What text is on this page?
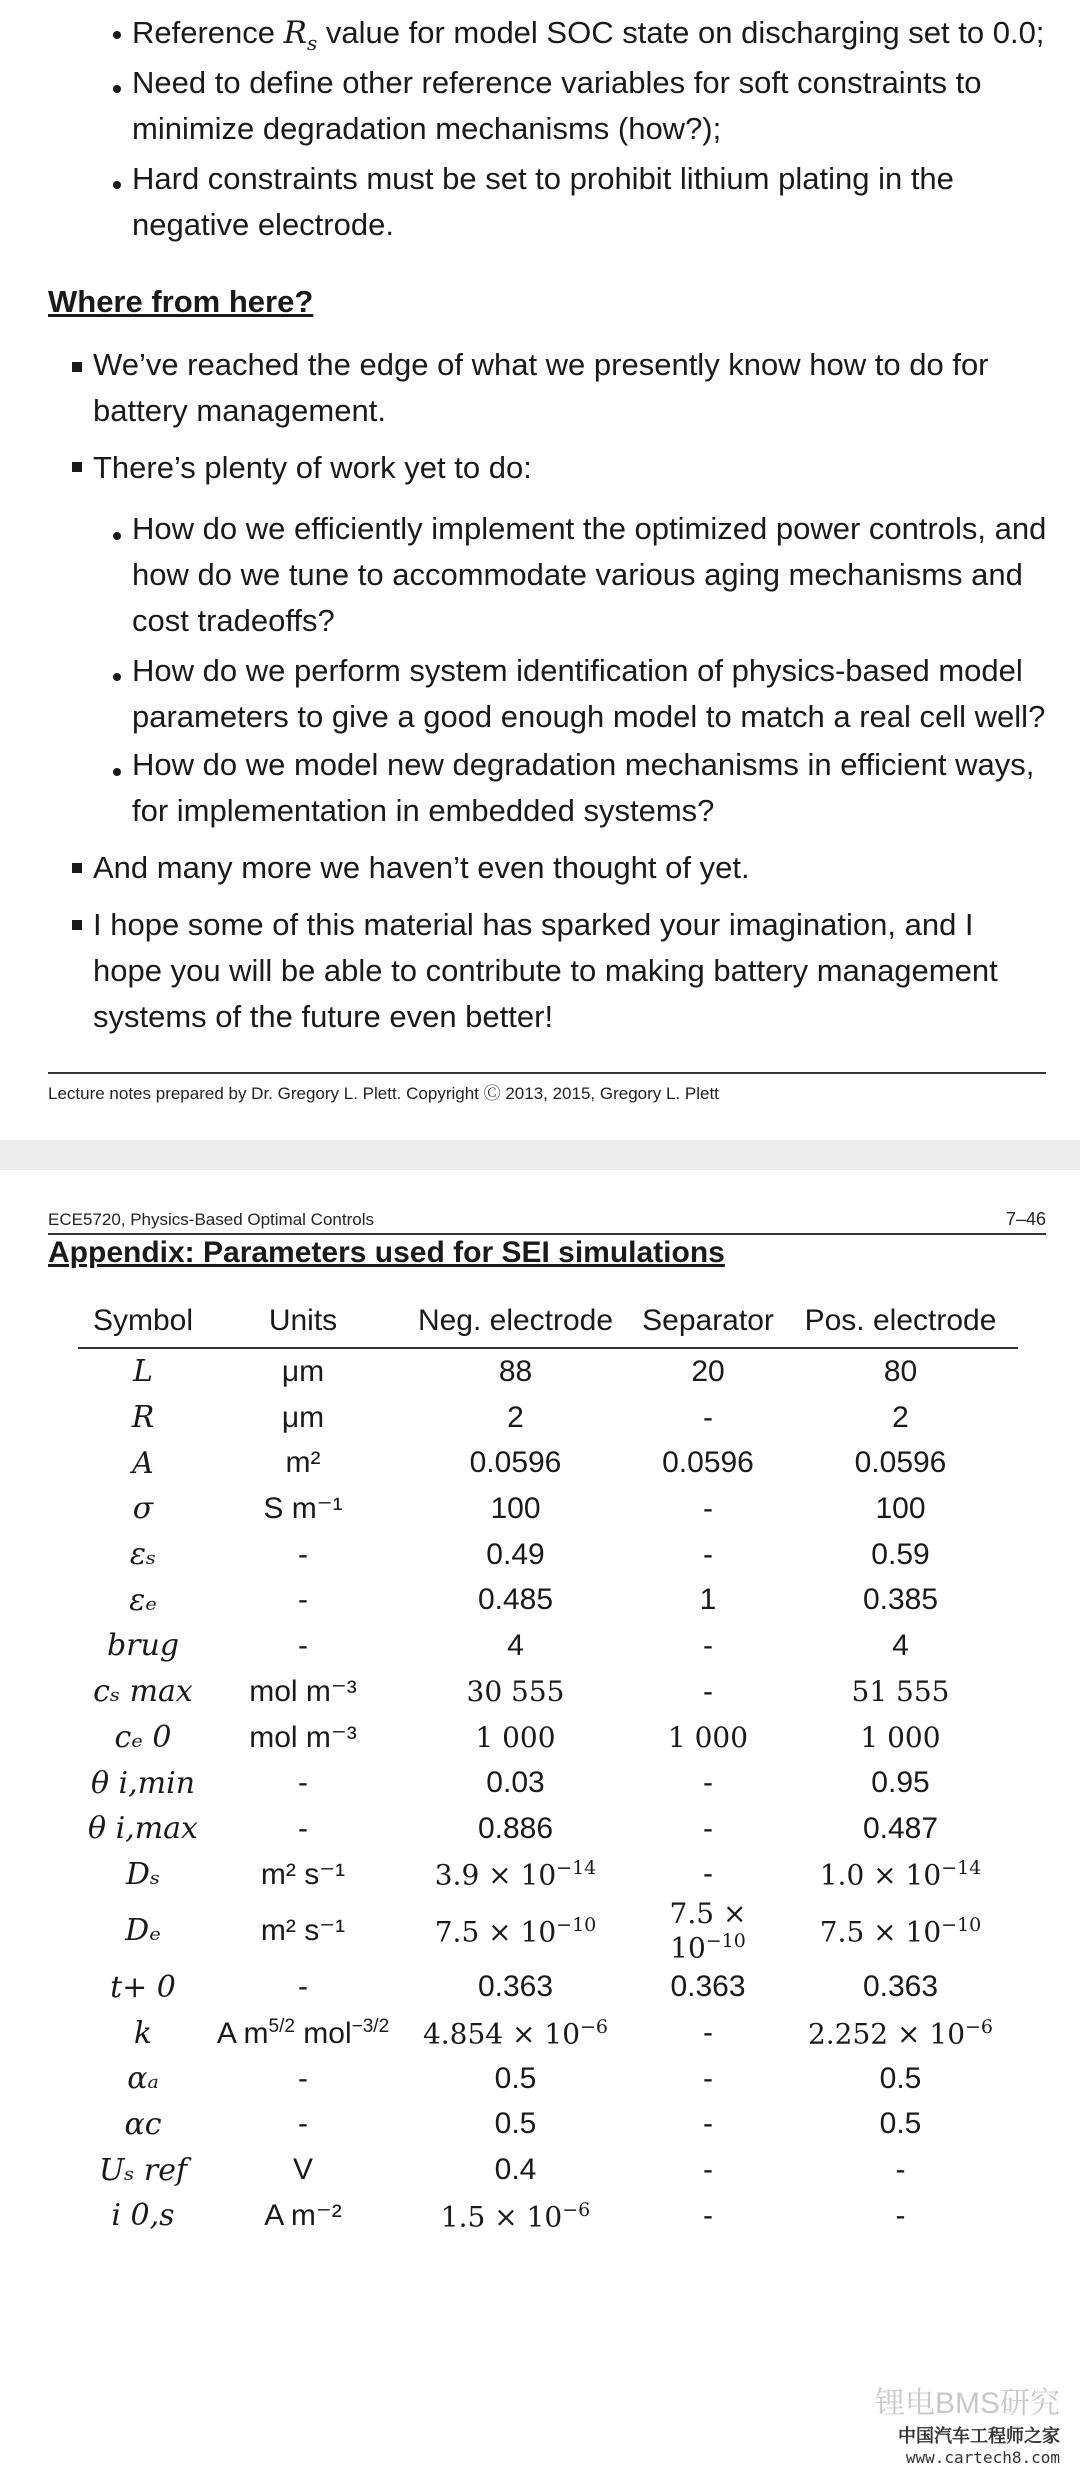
Reference $R_s$ value for model SOC state on discharging set to 0.0;
Need to define other reference variables for soft constraints to
minimize degradation mechanisms (how?);
Hard constraints must be set to prohibit lithium plating in the
negative electrode.
Where from here?
We’ve reached the edge of what we presently know how to do for
battery management.
There’s plenty of work yet to do:
How do we efficiently implement the optimized power controls, and
how do we tune to accommodate various aging mechanisms and
cost tradeoffs?
How do we perform system identification of physics-based model
parameters to give a good enough model to match a real cell well?
How do we model new degradation mechanisms in efficient ways,
for implementation in embedded systems?
And many more we haven’t even thought of yet.
I hope some of this material has sparked your imagination, and I
hope you will be able to contribute to making battery management
systems of the future even better!
Lecture notes prepared by Dr. Gregory L. Plett. Copyright Ⓒ 2013, 2015, Gregory L. Plett
ECE5720, Physics-Based Optimal Controls	7–46
Appendix: Parameters used for SEI simulations
Symbol	Units	Neg. electrode	Separator	Pos. electrode
L	μm	88	20	80
R	μm	2	-	2
A	m²	0.0596	0.0596	0.0596
σ	S m⁻¹	100	-	100
εₛ	-	0.49	-	0.59
εₑ	-	0.485	1	0.385
brug	-	4	-	4
cₛ max	mol m⁻³	30 555	-	51 555
cₑ 0	mol m⁻³	1 000	1 000	1 000
θ i,min	-	0.03	-	0.95
θ i,max	-	0.886	-	0.487
Dₛ	m² s⁻¹	$3.9 \times 10^{-14}$	-	$1.0 \times 10^{-14}$
Dₑ	m² s⁻¹	$7.5 \times 10^{-10}$	$7.5 \times 10^{-10}$	$7.5 \times 10^{-10}$
t+ 0	-	0.363	0.363	0.363
k	A $m^{5/2}$ mol$^{-3/2}$	$4.854 \times 10^{-6}$	-	$2.252 \times 10^{-6}$
αₐ	-	0.5	-	0.5
αc	-	0.5	-	0.5
Uₛ ref	V	0.4	-	-
i 0,s	A m⁻²	$1.5 \times 10^{-6}$	-	-
锂电BMS研究
中国汽车工程师之家
www.cartech8.com
